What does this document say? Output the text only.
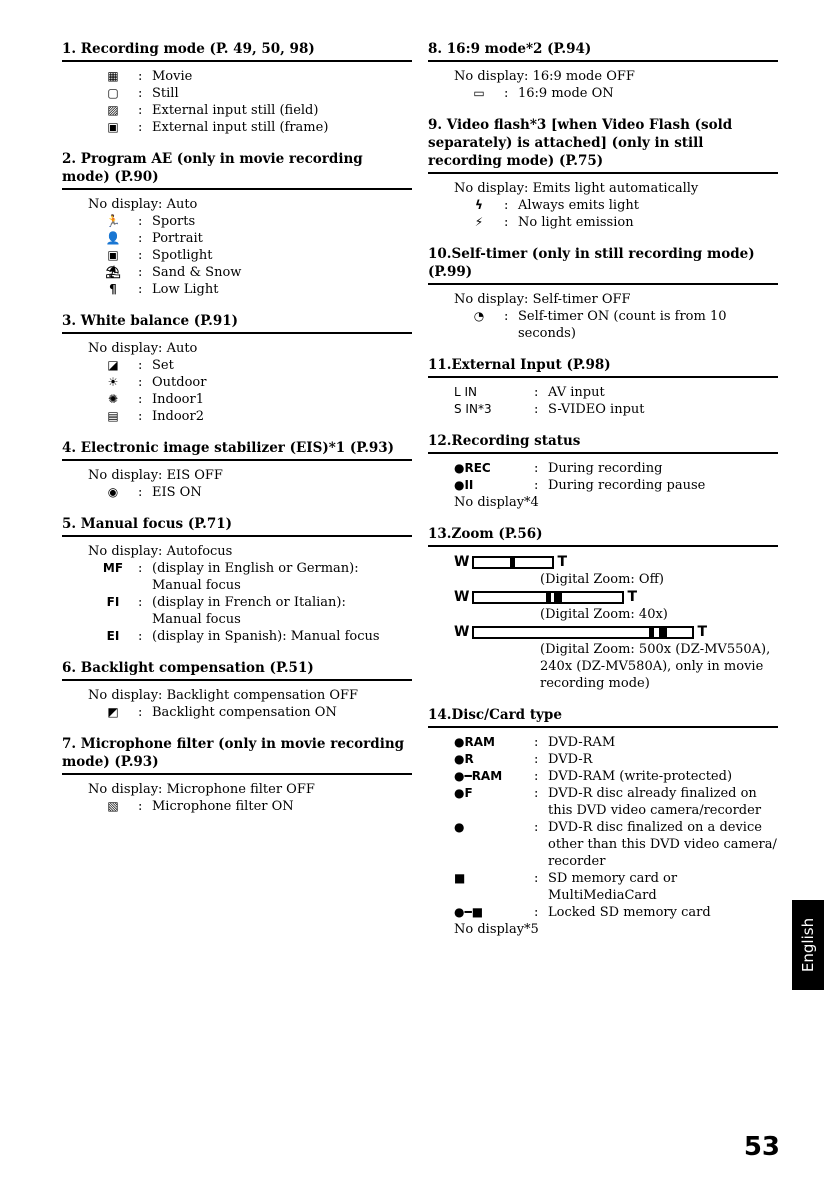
1. Recording mode (P. 49, 50, 98)
▦	: Movie
▢	: Still
▨	: External input still (field)
▣	: External input still (frame)
2. Program AE (only in movie recording mode) (P.90)
No display: Auto
🏃	: Sports
👤	: Portrait
▣	: Spotlight
⛱	: Sand & Snow
¶	: Low Light
3. White balance (P.91)
No display: Auto
◪	: Set
☀	: Outdoor
✺	: Indoor1
▤	: Indoor2
4. Electronic image stabilizer (EIS)*1 (P.93)
No display: EIS OFF
◉	: EIS ON
5. Manual focus (P.71)
No display: Autofocus
MF	: (display in English or German):
Manual focus
FI	: (display in French or Italian):
Manual focus
EI	: (display in Spanish): Manual focus
6. Backlight compensation (P.51)
No display: Backlight compensation OFF
◩	: Backlight compensation ON
7. Microphone filter (only in movie recording mode) (P.93)
No display: Microphone filter OFF
▧	: Microphone filter ON
8. 16:9 mode*2 (P.94)
No display: 16:9 mode OFF
▭	: 16:9 mode ON
9. Video flash*3 [when Video Flash (sold separately) is attached] (only in still recording mode) (P.75)
No display: Emits light automatically
ϟ	: Always emits light
⚡	: No light emission
10.Self-timer (only in still recording mode) (P.99)
No display: Self-timer OFF
◔	: Self-timer ON (count is from 10 seconds)
11.External Input (P.98)
L IN	: AV input
S IN*3	: S-VIDEO input
12.Recording status
●REC	: During recording
●II	: During recording pause
No display*4
13.Zoom (P.56)
W	T
(Digital Zoom: Off)
W	T
(Digital Zoom: 40x)
W	T
(Digital Zoom: 500x (DZ-MV550A), 240x (DZ-MV580A), only in movie recording mode)
14.Disc/Card type
●RAM	: DVD-RAM
●R	: DVD-R
●━RAM	: DVD-RAM (write-protected)
●F	: DVD-R disc already finalized on this DVD video camera/recorder
●	: DVD-R disc finalized on a device other than this DVD video camera/ recorder
■	: SD memory card or MultiMediaCard
●━■	: Locked SD memory card
No display*5	English
53
